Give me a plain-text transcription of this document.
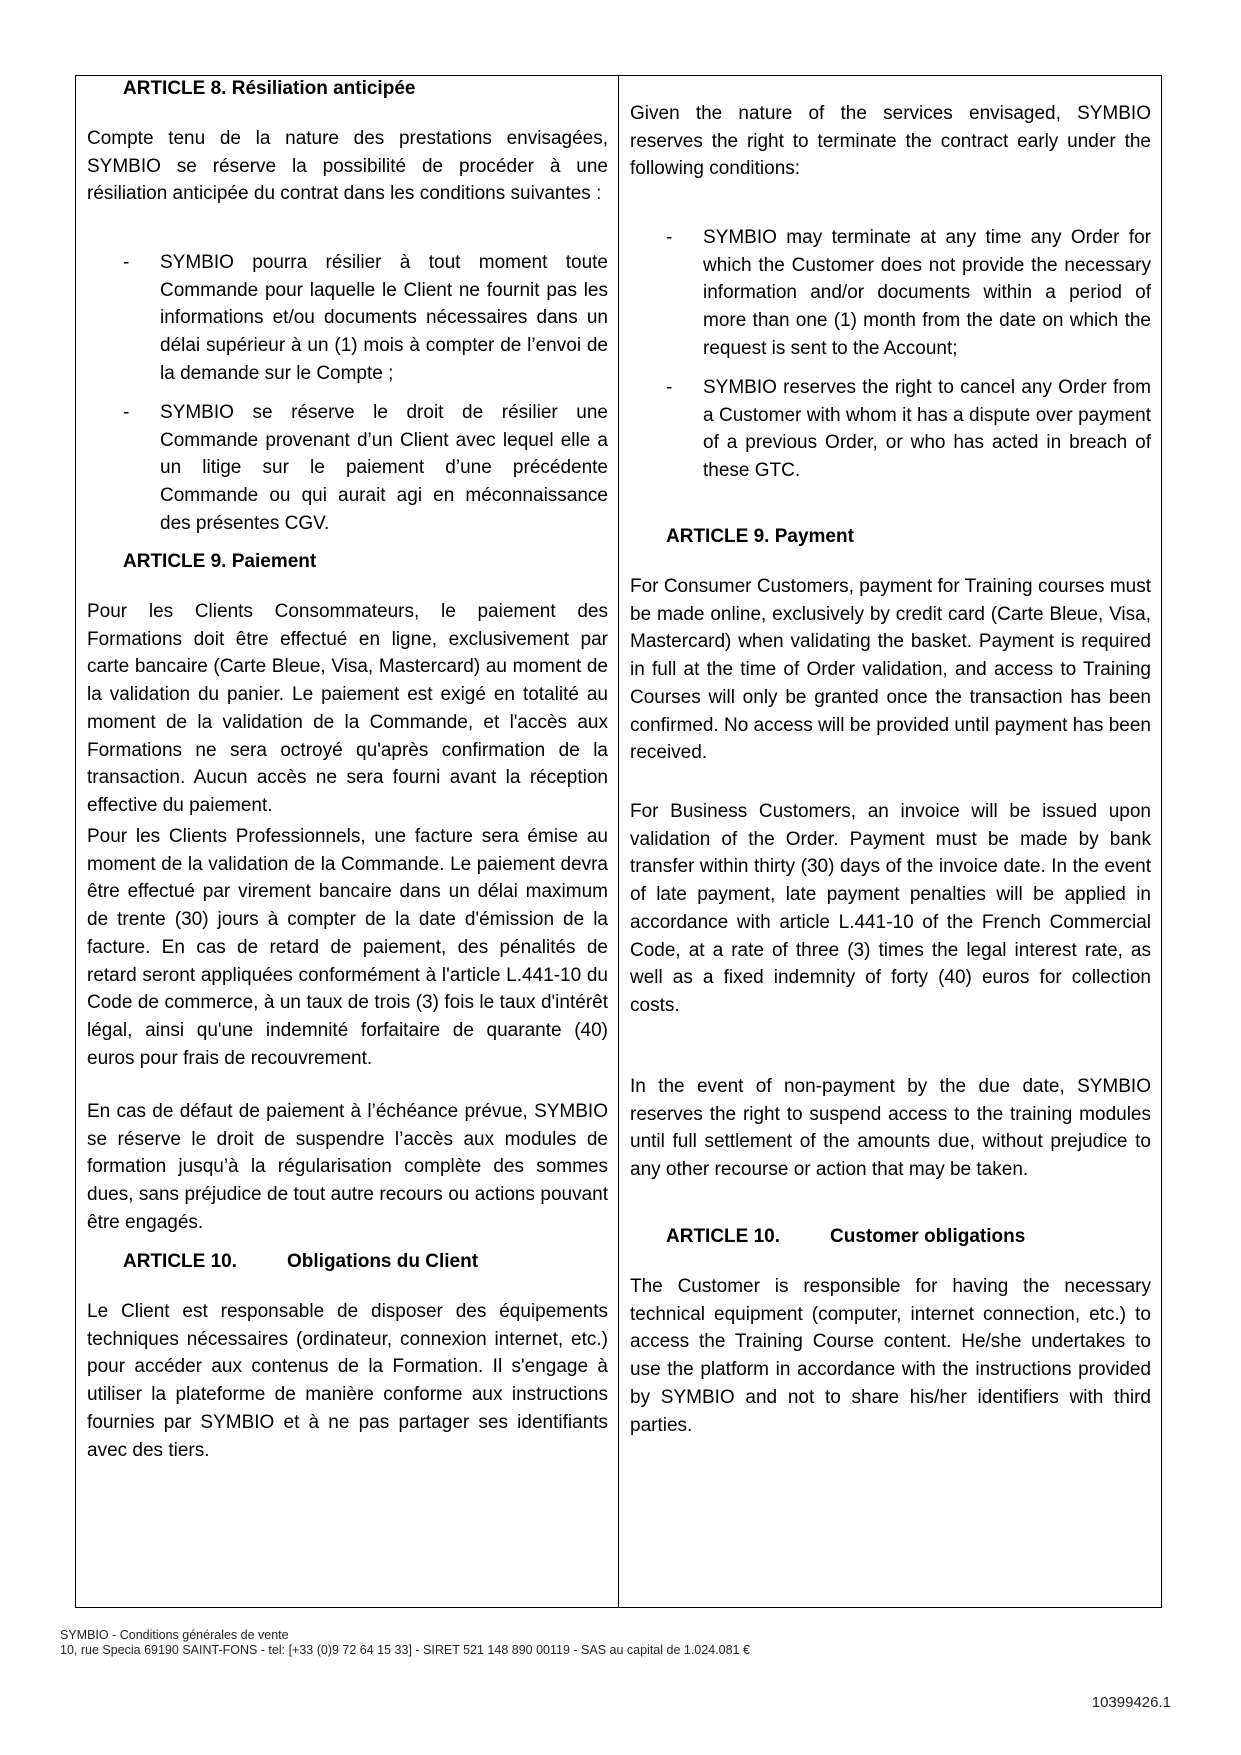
ARTICLE 8. Résiliation anticipée

Compte tenu de la nature des prestations envisagées, SYMBIO se réserve la possibilité de procéder à une résiliation anticipée du contrat dans les conditions suivantes :

- SYMBIO pourra résilier à tout moment toute Commande pour laquelle le Client ne fournit pas les informations et/ou documents nécessaires dans un délai supérieur à un (1) mois à compter de l’envoi de la demande sur le Compte ;

- SYMBIO se réserve le droit de résilier une Commande provenant d’un Client avec lequel elle a un litige sur le paiement d’une précédente Commande ou qui aurait agi en méconnaissance des présentes CGV.

ARTICLE 9. Paiement

Pour les Clients Consommateurs, le paiement des Formations doit être effectué en ligne, exclusivement par carte bancaire (Carte Bleue, Visa, Mastercard) au moment de la validation du panier. Le paiement est exigé en totalité au moment de la validation de la Commande, et l'accès aux Formations ne sera octroyé qu'après confirmation de la transaction. Aucun accès ne sera fourni avant la réception effective du paiement.

Pour les Clients Professionnels, une facture sera émise au moment de la validation de la Commande. Le paiement devra être effectué par virement bancaire dans un délai maximum de trente (30) jours à compter de la date d'émission de la facture. En cas de retard de paiement, des pénalités de retard seront appliquées conformément à l'article L.441-10 du Code de commerce, à un taux de trois (3) fois le taux d'intérêt légal, ainsi qu'une indemnité forfaitaire de quarante (40) euros pour frais de recouvrement.

En cas de défaut de paiement à l’échéance prévue, SYMBIO se réserve le droit de suspendre l’accès aux modules de formation jusqu’à la régularisation complète des sommes dues, sans préjudice de tout autre recours ou actions pouvant être engagés.

ARTICLE 10.	Obligations du Client

Le Client est responsable de disposer des équipements techniques nécessaires (ordinateur, connexion internet, etc.) pour accéder aux contenus de la Formation. Il s'engage à utiliser la plateforme de manière conforme aux instructions fournies par SYMBIO et à ne pas partager ses identifiants avec des tiers.

Given the nature of the services envisaged, SYMBIO reserves the right to terminate the contract early under the following conditions:

- SYMBIO may terminate at any time any Order for which the Customer does not provide the necessary information and/or documents within a period of more than one (1) month from the date on which the request is sent to the Account;

- SYMBIO reserves the right to cancel any Order from a Customer with whom it has a dispute over payment of a previous Order, or who has acted in breach of these GTC.

ARTICLE 9. Payment

For Consumer Customers, payment for Training courses must be made online, exclusively by credit card (Carte Bleue, Visa, Mastercard) when validating the basket. Payment is required in full at the time of Order validation, and access to Training Courses will only be granted once the transaction has been confirmed. No access will be provided until payment has been received.

For Business Customers, an invoice will be issued upon validation of the Order. Payment must be made by bank transfer within thirty (30) days of the invoice date. In the event of late payment, late payment penalties will be applied in accordance with article L.441-10 of the French Commercial Code, at a rate of three (3) times the legal interest rate, as well as a fixed indemnity of forty (40) euros for collection costs.

In the event of non-payment by the due date, SYMBIO reserves the right to suspend access to the training modules until full settlement of the amounts due, without prejudice to any other recourse or action that may be taken.

ARTICLE 10.	Customer obligations

The Customer is responsible for having the necessary technical equipment (computer, internet connection, etc.) to access the Training Course content. He/she undertakes to use the platform in accordance with the instructions provided by SYMBIO and not to share his/her identifiers with third parties.

SYMBIO - Conditions générales de vente
10, rue Specia 69190 SAINT-FONS - tel: [+33 (0)9 72 64 15 33] - SIRET 521 148 890 00119 - SAS au capital de 1.024.081 €
10399426.1
